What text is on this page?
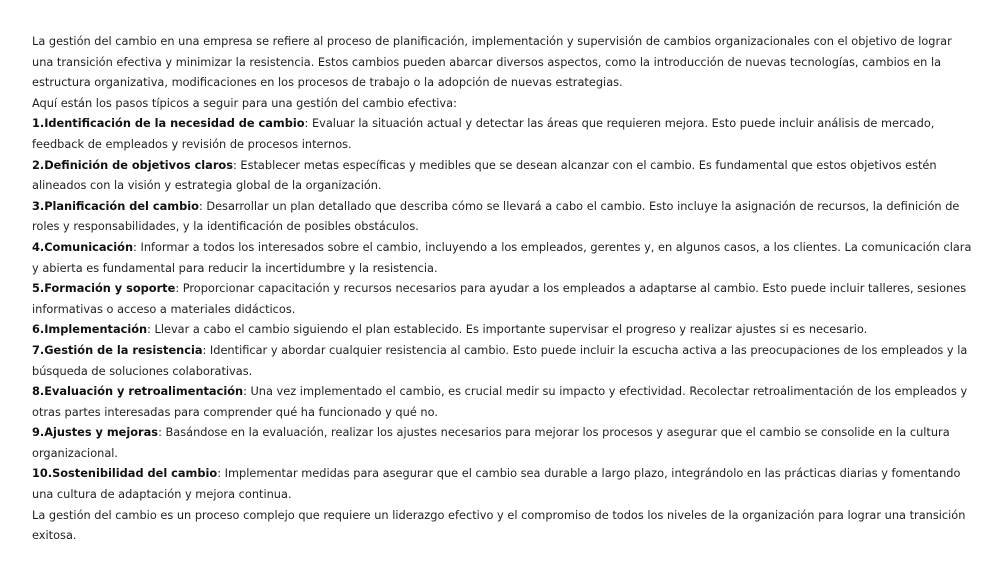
La gestión del cambio en una empresa se refiere al proceso de planificación, implementación y supervisión de cambios organizacionales con el objetivo de lograr una transición efectiva y minimizar la resistencia. Estos cambios pueden abarcar diversos aspectos, como la introducción de nuevas tecnologías, cambios en la estructura organizativa, modificaciones en los procesos de trabajo o la adopción de nuevas estrategias.

Aquí están los pasos típicos a seguir para una gestión del cambio efectiva:

1.Identificación de la necesidad de cambio: Evaluar la situación actual y detectar las áreas que requieren mejora. Esto puede incluir análisis de mercado, feedback de empleados y revisión de procesos internos.

2.Definición de objetivos claros: Establecer metas específicas y medibles que se desean alcanzar con el cambio. Es fundamental que estos objetivos estén alineados con la visión y estrategia global de la organización.

3.Planificación del cambio: Desarrollar un plan detallado que describa cómo se llevará a cabo el cambio. Esto incluye la asignación de recursos, la definición de roles y responsabilidades, y la identificación de posibles obstáculos.

4.Comunicación: Informar a todos los interesados sobre el cambio, incluyendo a los empleados, gerentes y, en algunos casos, a los clientes. La comunicación clara y abierta es fundamental para reducir la incertidumbre y la resistencia.

5.Formación y soporte: Proporcionar capacitación y recursos necesarios para ayudar a los empleados a adaptarse al cambio. Esto puede incluir talleres, sesiones informativas o acceso a materiales didácticos.

6.Implementación: Llevar a cabo el cambio siguiendo el plan establecido. Es importante supervisar el progreso y realizar ajustes si es necesario.

7.Gestión de la resistencia: Identificar y abordar cualquier resistencia al cambio. Esto puede incluir la escucha activa a las preocupaciones de los empleados y la búsqueda de soluciones colaborativas.

8.Evaluación y retroalimentación: Una vez implementado el cambio, es crucial medir su impacto y efectividad. Recolectar retroalimentación de los empleados y otras partes interesadas para comprender qué ha funcionado y qué no.

9.Ajustes y mejoras: Basándose en la evaluación, realizar los ajustes necesarios para mejorar los procesos y asegurar que el cambio se consolide en la cultura organizacional.

10.Sostenibilidad del cambio: Implementar medidas para asegurar que el cambio sea durable a largo plazo, integrándolo en las prácticas diarias y fomentando una cultura de adaptación y mejora continua.

La gestión del cambio es un proceso complejo que requiere un liderazgo efectivo y el compromiso de todos los niveles de la organización para lograr una transición exitosa.
